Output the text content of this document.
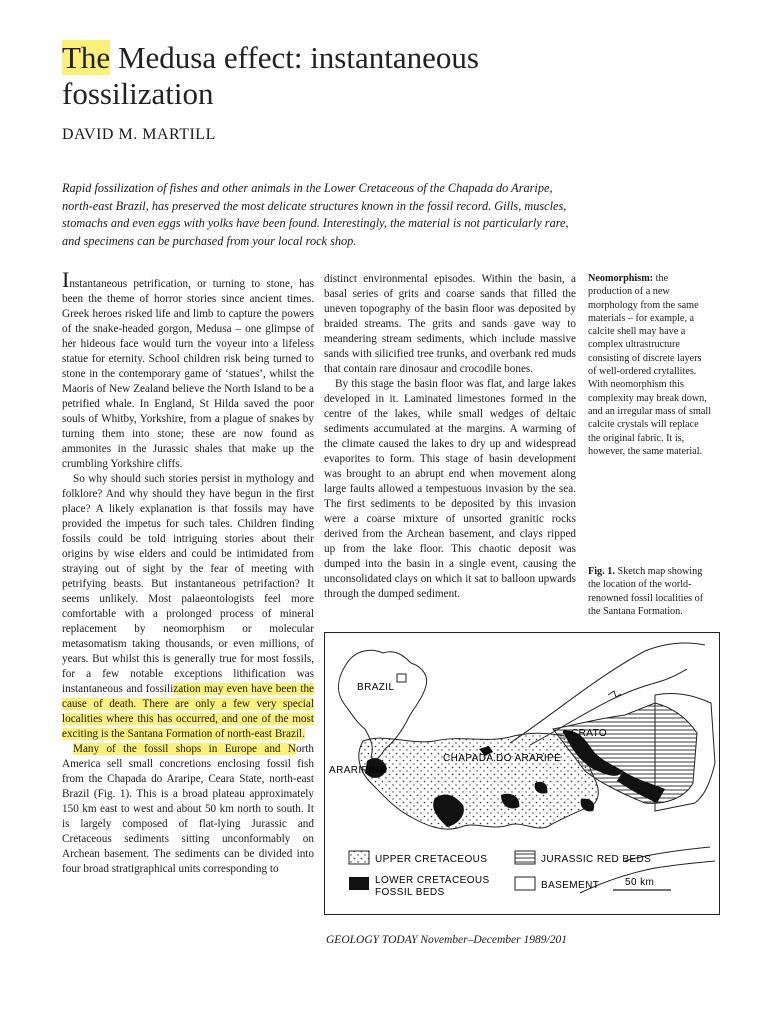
The Medusa effect: instantaneous fossilization
DAVID M. MARTILL
Rapid fossilization of fishes and other animals in the Lower Cretaceous of the Chapada do Araripe, north-east Brazil, has preserved the most delicate structures known in the fossil record. Gills, muscles, stomachs and even eggs with yolks have been found. Interestingly, the material is not particularly rare, and specimens can be purchased from your local rock shop.

Instantaneous petrification, or turning to stone, has been the theme of horror stories since ancient times. Greek heroes risked life and limb to capture the powers of the snake-headed gorgon, Medusa – one glimpse of her hideous face would turn the voyeur into a lifeless statue for eternity. School children risk being turned to stone in the contemporary game of ‘statues’, whilst the Maoris of New Zealand believe the North Island to be a petrified whale. In England, St Hilda saved the poor souls of Whitby, Yorkshire, from a plague of snakes by turning them into stone; these are now found as ammonites in the Jurassic shales that make up the crumbling Yorkshire cliffs.

So why should such stories persist in mythology and folklore? And why should they have begun in the first place? A likely explanation is that fossils may have provided the impetus for such tales. Children finding fossils could be told intriguing stories about their origins by wise elders and could be intimidated from straying out of sight by the fear of meeting with petrifying beasts. But instantaneous petrifaction? It seems unlikely. Most palaeontologists feel more comfortable with a prolonged process of mineral replacement by neomorphism or molecular metasomatism taking thousands, or even millions, of years. But whilst this is generally true for most fossils, for a few notable exceptions lithification was instantaneous and fossilization may even have been the cause of death. There are only a few very special localities where this has occurred, and one of the most exciting is the Santana Formation of north-east Brazil.

Many of the fossil shops in Europe and North America sell small concretions enclosing fossil fish from the Chapada do Araripe, Ceara State, north-east Brazil (Fig. 1). This is a broad plateau approximately 150 km east to west and about 50 km north to south. It is largely composed of flat-lying Jurassic and Cretaceous sediments sitting unconformably on Archean basement. The sediments can be divided into four broad stratigraphical units corresponding to

distinct environmental episodes. Within the basin, a basal series of grits and coarse sands that filled the uneven topography of the basin floor was deposited by braided streams. The grits and sands gave way to meandering stream sediments, which include massive sands with silicified tree trunks, and overbank red muds that contain rare dinosaur and crocodile bones.

By this stage the basin floor was flat, and large lakes developed in it. Laminated limestones formed in the centre of the lakes, while small wedges of deltaic sediments accumulated at the margins. A warming of the climate caused the lakes to dry up and widespread evaporites to form. This stage of basin development was brought to an abrupt end when movement along large faults allowed a tempestuous invasion by the sea. The first sediments to be deposited by this invasion were a coarse mixture of unsorted granitic rocks derived from the Archean basement, and clays ripped up from the lake floor. This chaotic deposit was dumped into the basin in a single event, causing the unconsolidated clays on which it sat to balloon upwards through the dumped sediment.

Neomorphism: the production of a new morphology from the same materials – for example, a calcite shell may have a complex ultrastructure consisting of discrete layers of well-ordered crytallites. With neomorphism this complexity may break down, and an irregular mass of small calcite crystals will replace the original fabric. It is, however, the same material.
Fig. 1. Sketch map showing the location of the world-renowned fossil localities of the Santana Formation.
BRAZIL
CRATO
CHAPADA DO ARARIPE
ARARIPINA
UPPER CRETACEOUS
LOWER CRETACEOUS
FOSSIL BEDS
JURASSIC RED BEDS
BASEMENT	50 km
GEOLOGY TODAY November–December 1989/201
